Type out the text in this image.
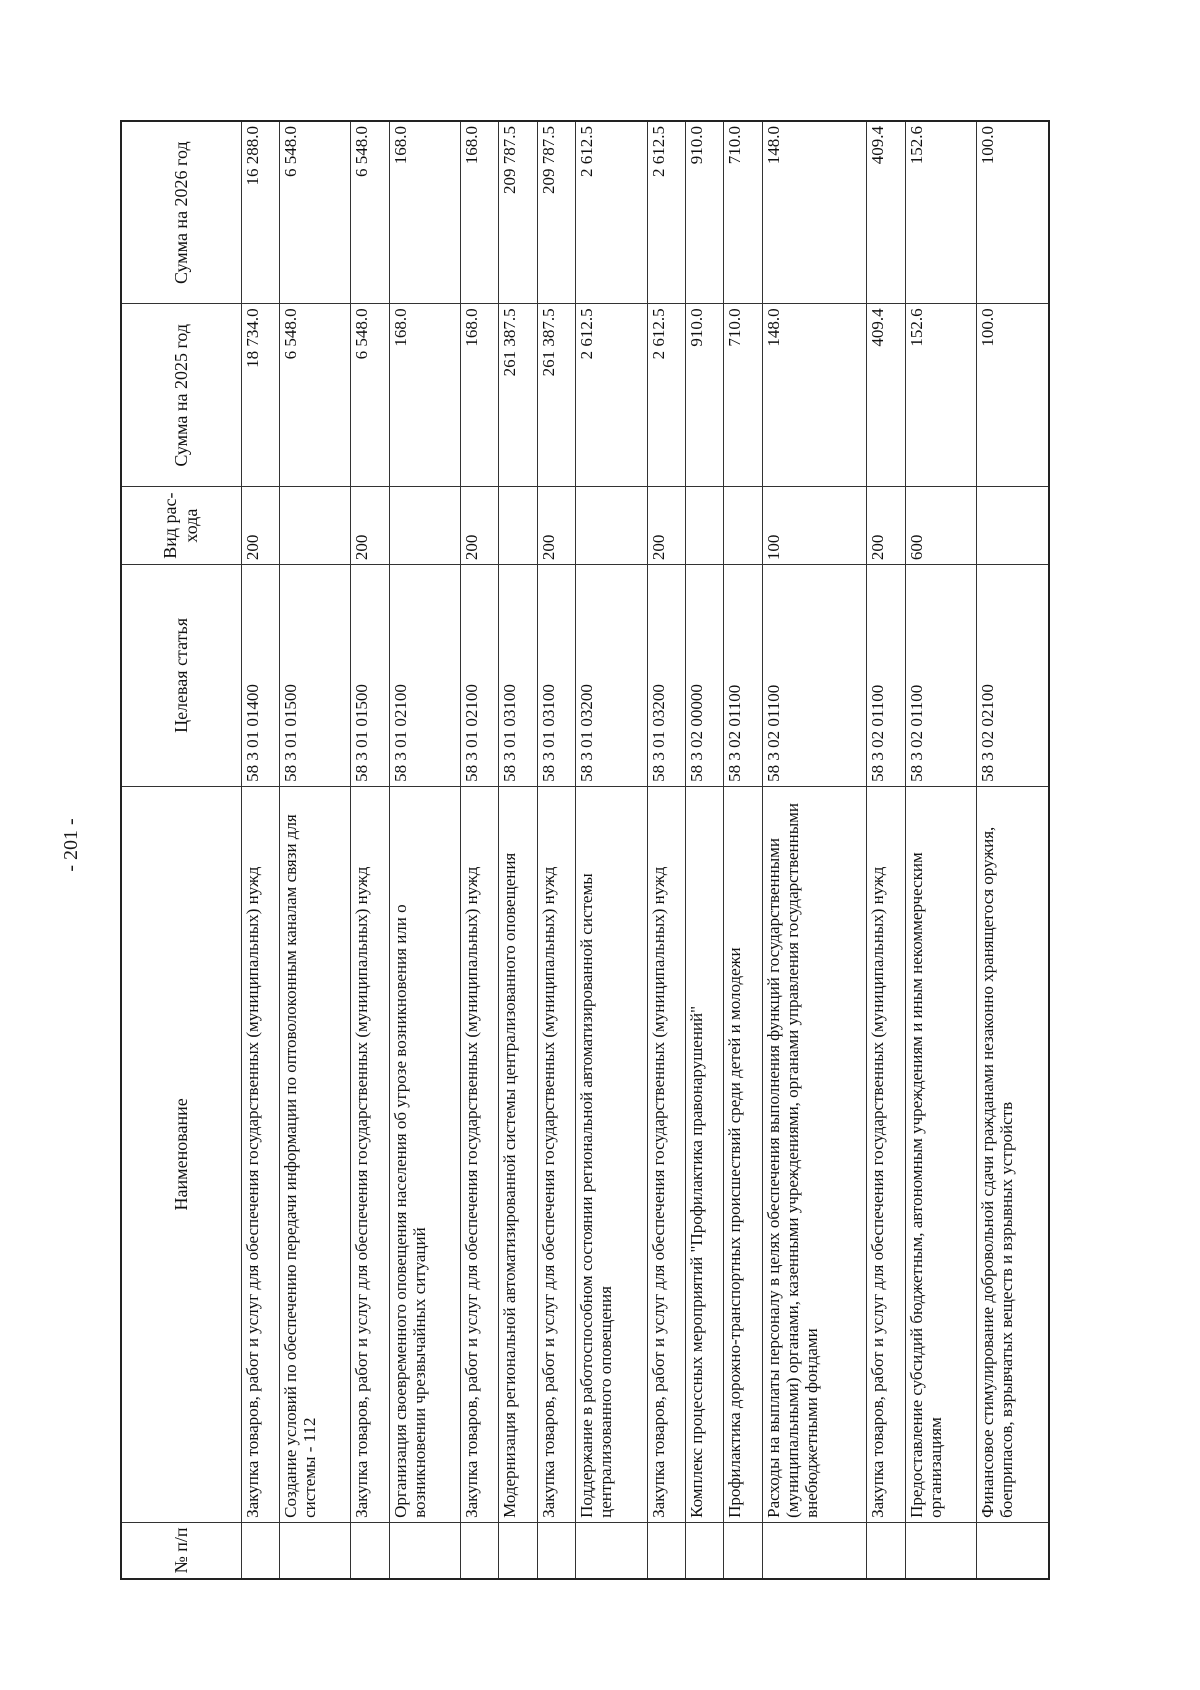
- 201 -
№ п/п	Наименование	Целевая статья	Вид рас-хода	Сумма на 2025 год	Сумма на 2026 год
	Закупка товаров, работ и услуг для обеспечения государственных (муниципальных) нужд	58 3 01 01400	200	18 734.0	16 288.0
	Создание условий по обеспечению передачи информации по оптоволоконным каналам связи для системы - 112	58 3 01 01500		6 548.0	6 548.0
	Закупка товаров, работ и услуг для обеспечения государственных (муниципальных) нужд	58 3 01 01500	200	6 548.0	6 548.0
	Организация своевременного оповещения населения об угрозе возникновения или о возникновении чрезвычайных ситуаций	58 3 01 02100		168.0	168.0
	Закупка товаров, работ и услуг для обеспечения государственных (муниципальных) нужд	58 3 01 02100	200	168.0	168.0
	Модернизация региональной автоматизированной системы централизованного оповещения	58 3 01 03100		261 387.5	209 787.5
	Закупка товаров, работ и услуг для обеспечения государственных (муниципальных) нужд	58 3 01 03100	200	261 387.5	209 787.5
	Поддержание в работоспособном состоянии региональной автоматизированной системы централизованного оповещения	58 3 01 03200		2 612.5	2 612.5
	Закупка товаров, работ и услуг для обеспечения государственных (муниципальных) нужд	58 3 01 03200	200	2 612.5	2 612.5
	Комплекс процессных мероприятий "Профилактика правонарушений"	58 3 02 00000		910.0	910.0
	Профилактика дорожно-транспортных происшествий среди детей и молодежи	58 3 02 01100		710.0	710.0
	Расходы на выплаты персоналу в целях обеспечения выполнения функций государственными (муниципальными) органами, казенными учреждениями, органами управления государственными внебюджетными фондами	58 3 02 01100	100	148.0	148.0
	Закупка товаров, работ и услуг для обеспечения государственных (муниципальных) нужд	58 3 02 01100	200	409.4	409.4
	Предоставление субсидий бюджетным, автономным учреждениям и иным некоммерческим организациям	58 3 02 01100	600	152.6	152.6
	Финансовое стимулирование добровольной сдачи гражданами незаконно хранящегося оружия, боеприпасов, взрывчатых веществ и взрывных устройств	58 3 02 02100		100.0	100.0
